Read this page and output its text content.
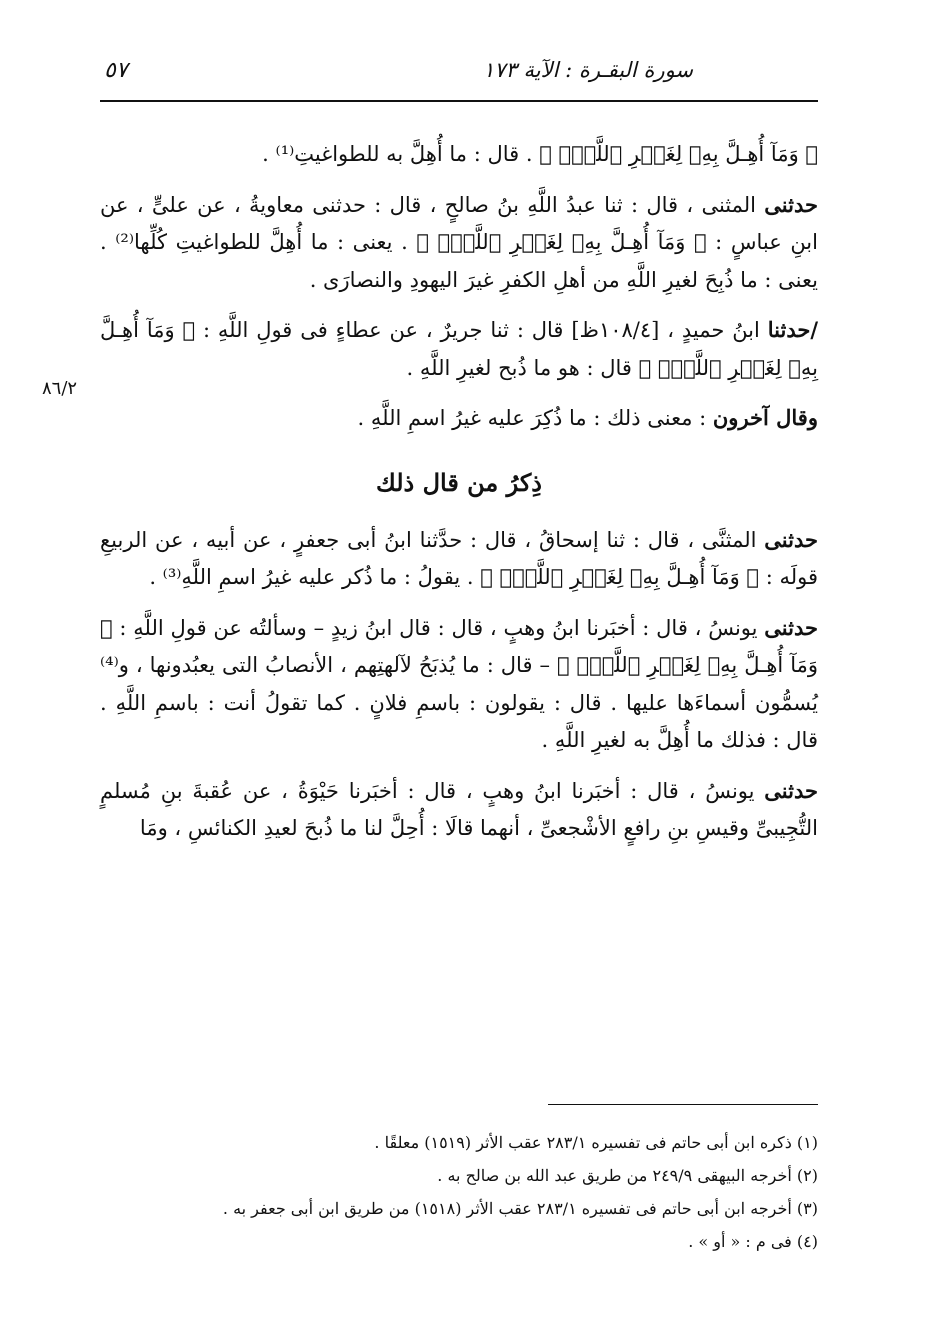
سورة البقـرة : الآية ١٧٣
٥٧
٨٦/٢

﴿ وَمَآ أُهِـلَّ بِهِۦ لِغَيۡرِ ٱللَّهِۖ ﴾ . قال : ما أُهِلَّ به للطواغيتِ⁽¹⁾ .

حدثنى المثنى ، قال : ثنا عبدُ اللَّهِ بنُ صالحٍ ، قال : حدثنى معاويةُ ، عن علىٍّ ، عن ابنِ عباسٍ : ﴿ وَمَآ أُهِـلَّ بِهِۦ لِغَيۡرِ ٱللَّهِۖ ﴾ . يعنى : ما أُهِلَّ للطواغيتِ كُلِّها⁽²⁾ . يعنى : ما ذُبِحَ لغيرِ اللَّهِ من أهلِ الكفرِ غيرَ اليهودِ والنصارَى .

/حدثنا ابنُ حميدٍ ، [١٠٨/٤ظ] قال : ثنا جريرٌ ، عن عطاءٍ فى قولِ اللَّهِ : ﴿ وَمَآ أُهِـلَّ بِهِۦ لِغَيۡرِ ٱللَّهِۖ ﴾ قال : هو ما ذُبح لغيرِ اللَّهِ .

وقال آخرون : معنى ذلك : ما ذُكِرَ عليه غيرُ اسمِ اللَّهِ .

ذِكرُ من قال ذلك

حدثنى المثنَّى ، قال : ثنا إسحاقُ ، قال : حدَّثنا ابنُ أبى جعفرٍ ، عن أبيه ، عن الربيعِ قولَه : ﴿ وَمَآ أُهِـلَّ بِهِۦ لِغَيۡرِ ٱللَّهِۖ ﴾ . يقولُ : ما ذُكر عليه غيرُ اسمِ اللَّهِ⁽³⁾ .

حدثنى يونسُ ، قال : أخبَرنا ابنُ وهبٍ ، قال : قال ابنُ زيدٍ – وسألتُه عن قولِ اللَّهِ : ﴿ وَمَآ أُهِـلَّ بِهِۦ لِغَيۡرِ ٱللَّهِۖ ﴾ – قال : ما يُذبَحُ لآلهتِهم ، الأنصابُ التى يعبُدونها ، و⁽⁴⁾ يُسمُّون أسماءَها عليها . قال : يقولون : باسمِ فلانٍ . كما تقولُ أنت : باسمِ اللَّهِ . قال : فذلك ما أُهِلَّ به لغيرِ اللَّهِ .

حدثنى يونسُ ، قال : أخبَرنا ابنُ وهبٍ ، قال : أخبَرنا حَيْوَةُ ، عن عُقبةَ بنِ مُسلمٍ التُّجِيبىِّ وقيسِ بنِ رافعٍ الأشْجعىِّ ، أنهما قالَا : أُحِلَّ لنا ما ذُبحَ لعيدِ الكنائسِ ، ومَا

(١) ذكره ابن أبى حاتم فى تفسيره ٢٨٣/١ عقب الأثر (١٥١٩) معلقًا .
(٢) أخرجه البيهقى ٢٤٩/٩ من طريق عبد الله بن صالح به .
(٣) أخرجه ابن أبى حاتم فى تفسيره ٢٨٣/١ عقب الأثر (١٥١٨) من طريق ابن أبى جعفر به .
(٤) فى م : « أو » .
